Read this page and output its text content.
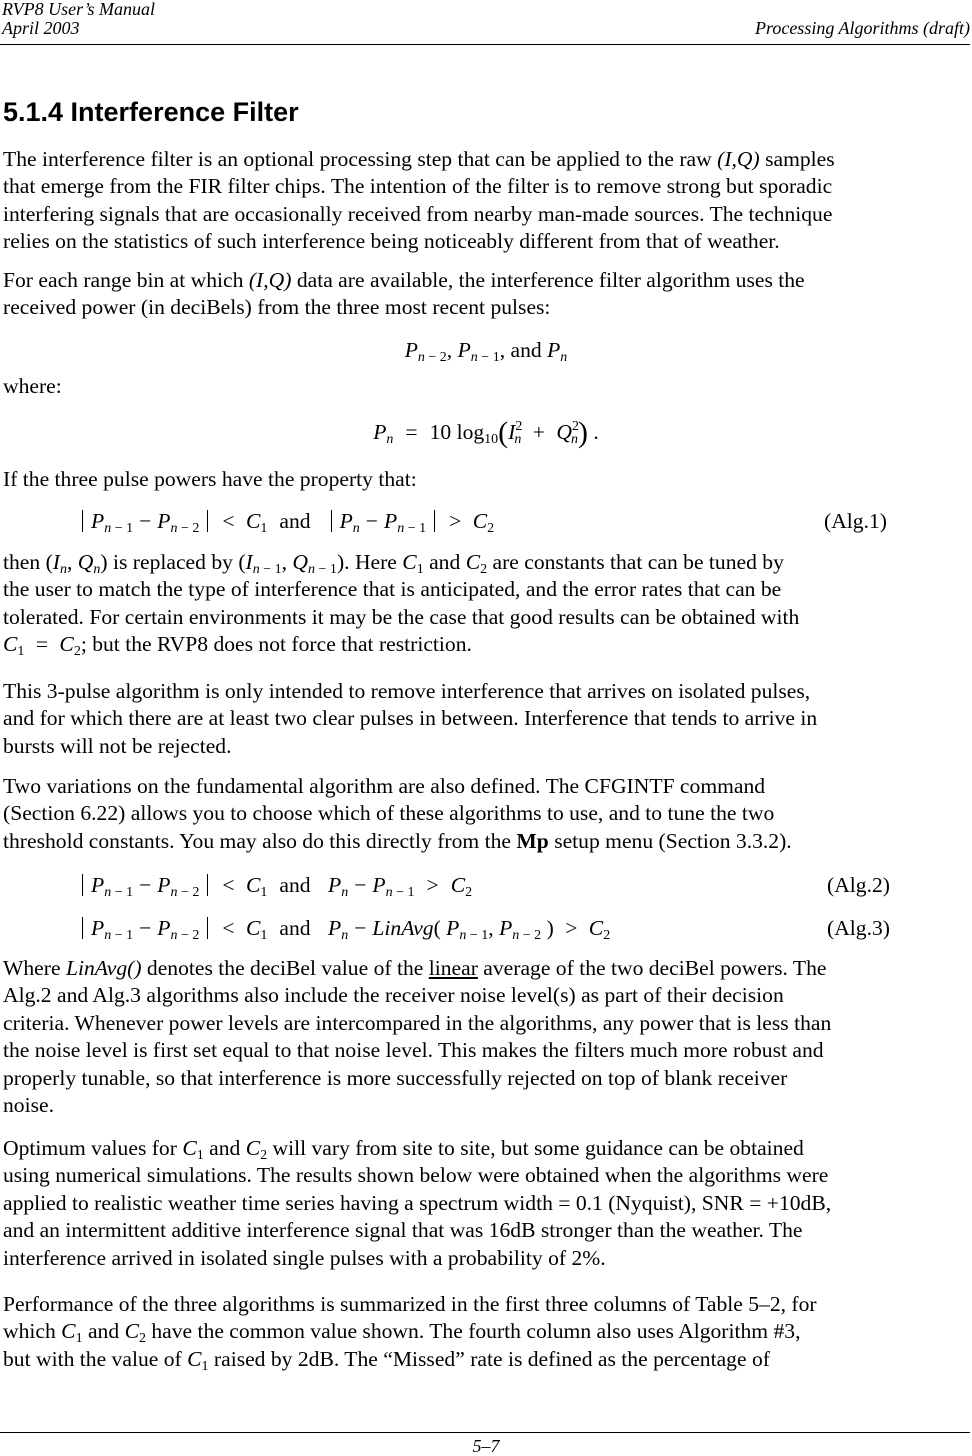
RVP8 User’s Manual
April 2003	Processing Algorithms (draft)
5.1.4 Interference Filter
The interference filter is an optional processing step that can be applied to the raw (I,Q) samples
that emerge from the FIR filter chips. The intention of the filter is to remove strong but sporadic
interfering signals that are occasionally received from nearby man-made sources. The technique
relies on the statistics of such interference being noticeably different from that of weather.
For each range bin at which (I,Q) data are available, the interference filter algorithm uses the
received power (in deciBels) from the three most recent pulses:
$P_{n - 2}$, $P_{n - 1}$, and $P_n$
where:
$P_n = 10$ $\log_{10}(I^2_n + Q^2_n)$ .
If the three pulse powers have the property that:
$P_{n - 1} - P_{n - 2} < C_1$ and $P_n - P_{n - 1} > C_2$	(Alg.1)
then ($I_n$, $Q_n$) is replaced by ($I_{n - 1}$, $Q_{n - 1}$). Here $C_1$ and $C_2$ are constants that can be tuned by
the user to match the type of interference that is anticipated, and the error rates that can be
tolerated. For certain environments it may be the case that good results can be obtained with
$C_1 = C_2$; but the RVP8 does not force that restriction.
This 3-pulse algorithm is only intended to remove interference that arrives on isolated pulses,
and for which there are at least two clear pulses in between. Interference that tends to arrive in
bursts will not be rejected.
Two variations on the fundamental algorithm are also defined. The CFGINTF command
(Section 6.22) allows you to choose which of these algorithms to use, and to tune the two
threshold constants. You may also do this directly from the Mp setup menu (Section 3.3.2).
$P_{n - 1} - P_{n - 2} < C_1$ and $P_n - P_{n - 1} > C_2$	(Alg.2)
$P_{n - 1} - P_{n - 2} < C_1$ and $P_n$ − LinAvg( $P_{n - 1}$, $P_{n - 2}$ ) > $C_2$	(Alg.3)
Where LinAvg() denotes the deciBel value of the linear average of the two deciBel powers. The
Alg.2 and Alg.3 algorithms also include the receiver noise level(s) as part of their decision
criteria. Whenever power levels are intercompared in the algorithms, any power that is less than
the noise level is first set equal to that noise level. This makes the filters much more robust and
properly tunable, so that interference is more successfully rejected on top of blank receiver
noise.
Optimum values for $C_1$ and $C_2$ will vary from site to site, but some guidance can be obtained
using numerical simulations. The results shown below were obtained when the algorithms were
applied to realistic weather time series having a spectrum width = 0.1 (Nyquist), SNR = +10dB,
and an intermittent additive interference signal that was 16dB stronger than the weather. The
interference arrived in isolated single pulses with a probability of 2%.
Performance of the three algorithms is summarized in the first three columns of Table 5–2, for
which $C_1$ and $C_2$ have the common value shown. The fourth column also uses Algorithm #3,
but with the value of $C_1$ raised by 2dB. The “Missed” rate is defined as the percentage of
5–7
